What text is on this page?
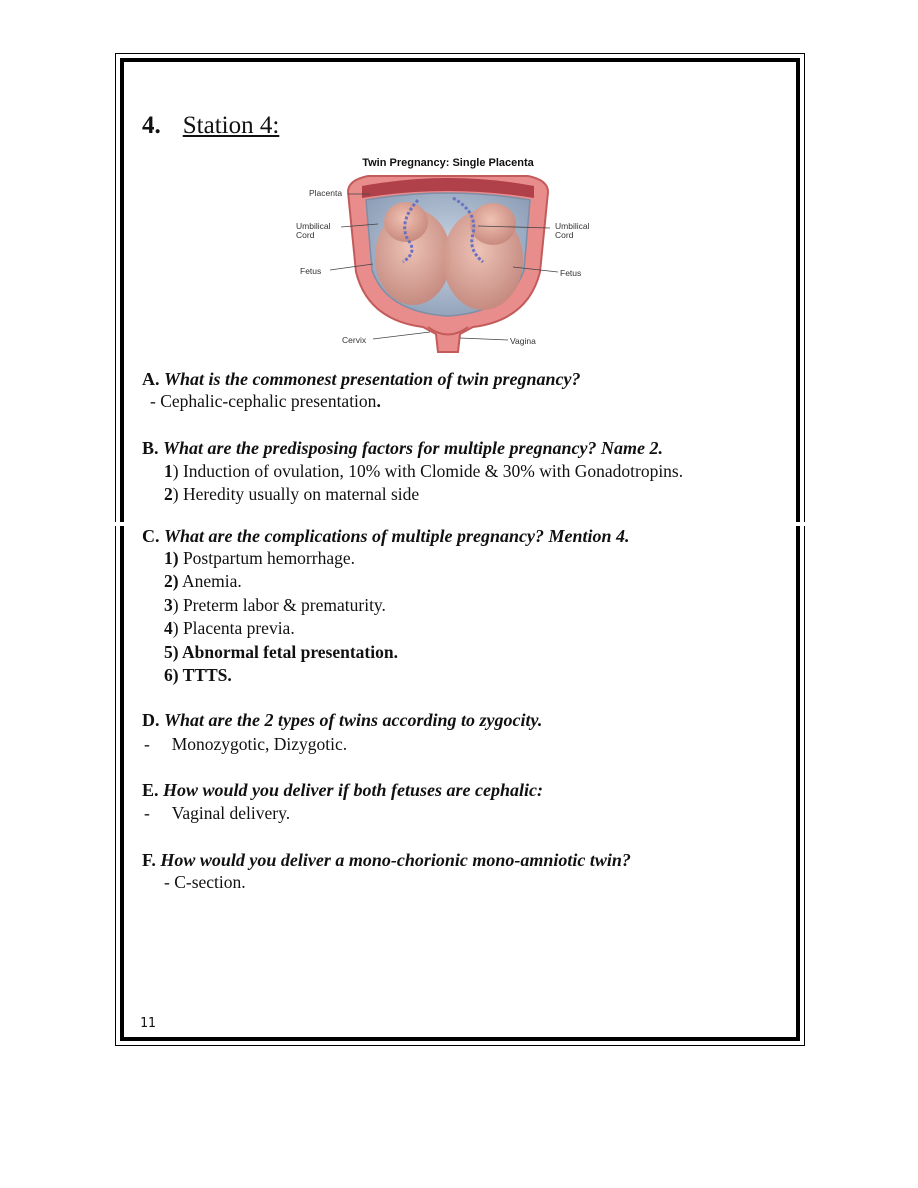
4. Station 4:
Twin Pregnancy: Single Placenta
Placenta
Umbilical
Cord
Umbilical
Cord
Fetus	Fetus
Cervix	Vagina
A. What is the commonest presentation of twin pregnancy?
- Cephalic-cephalic presentation.
B. What are the predisposing factors for multiple pregnancy? Name 2.
1) Induction of ovulation, 10% with Clomide & 30% with Gonadotropins.
2) Heredity usually on maternal side
C. What are the complications of multiple pregnancy? Mention 4.
1) Postpartum hemorrhage.
2) Anemia.
3) Preterm labor & prematurity.
4) Placenta previa.
5) Abnormal fetal presentation.
6) TTTS.
D. What are the 2 types of twins according to zygocity.
- Monozygotic, Dizygotic.
E. How would you deliver if both fetuses are cephalic:
- Vaginal delivery.
F. How would you deliver a mono-chorionic mono-amniotic twin?
- C-section.
11
